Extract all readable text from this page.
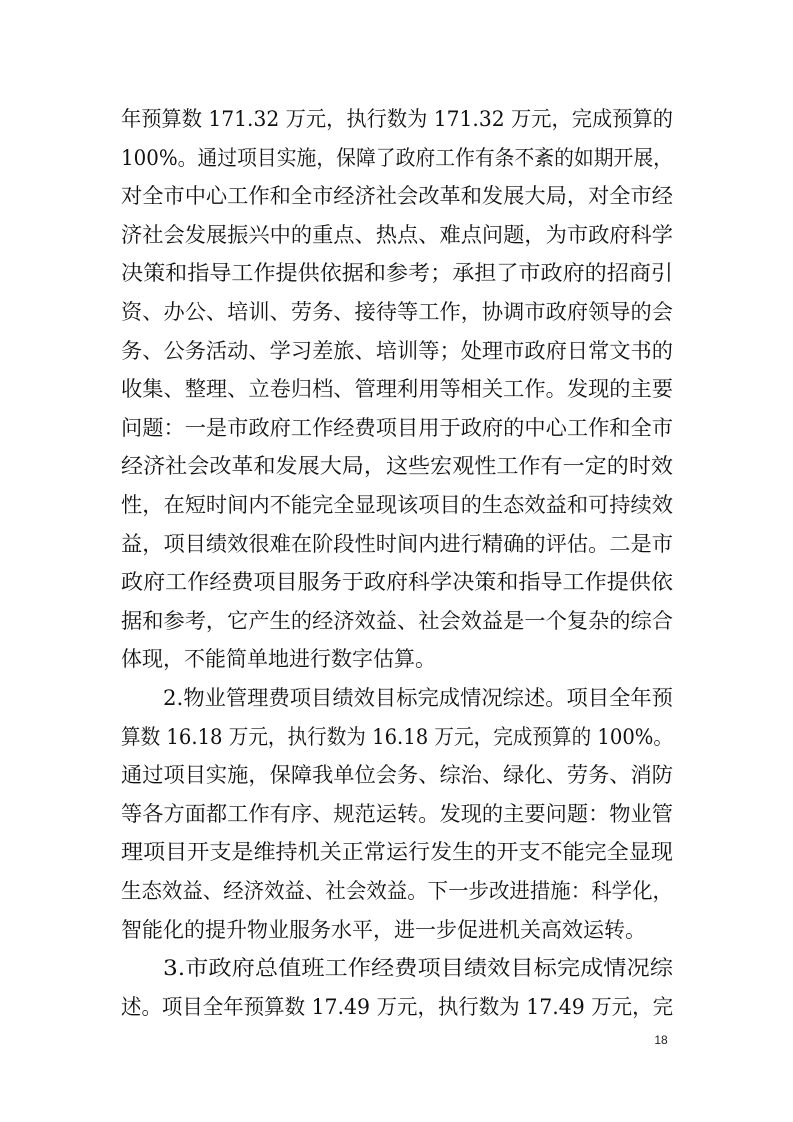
年预算数 171.32 万元，执行数为 171.32 万元，完成预算的
100%。通过项目实施，保障了政府工作有条不紊的如期开展，
对全市中心工作和全市经济社会改革和发展大局，对全市经
济社会发展振兴中的重点、热点、难点问题，为市政府科学
决策和指导工作提供依据和参考；承担了市政府的招商引
资、办公、培训、劳务、接待等工作，协调市政府领导的会
务、公务活动、学习差旅、培训等；处理市政府日常文书的
收集、整理、立卷归档、管理利用等相关工作。发现的主要
问题：一是市政府工作经费项目用于政府的中心工作和全市
经济社会改革和发展大局，这些宏观性工作有一定的时效
性，在短时间内不能完全显现该项目的生态效益和可持续效
益，项目绩效很难在阶段性时间内进行精确的评估。二是市
政府工作经费项目服务于政府科学决策和指导工作提供依
据和参考，它产生的经济效益、社会效益是一个复杂的综合
体现，不能简单地进行数字估算。
2.物业管理费项目绩效目标完成情况综述。项目全年预
算数 16.18 万元，执行数为 16.18 万元，完成预算的 100%。
通过项目实施，保障我单位会务、综治、绿化、劳务、消防
等各方面都工作有序、规范运转。发现的主要问题：物业管
理项目开支是维持机关正常运行发生的开支不能完全显现
生态效益、经济效益、社会效益。下一步改进措施：科学化，
智能化的提升物业服务水平，进一步促进机关高效运转。
3.市政府总值班工作经费项目绩效目标完成情况综
述。项目全年预算数 17.49 万元，执行数为 17.49 万元，完
18
